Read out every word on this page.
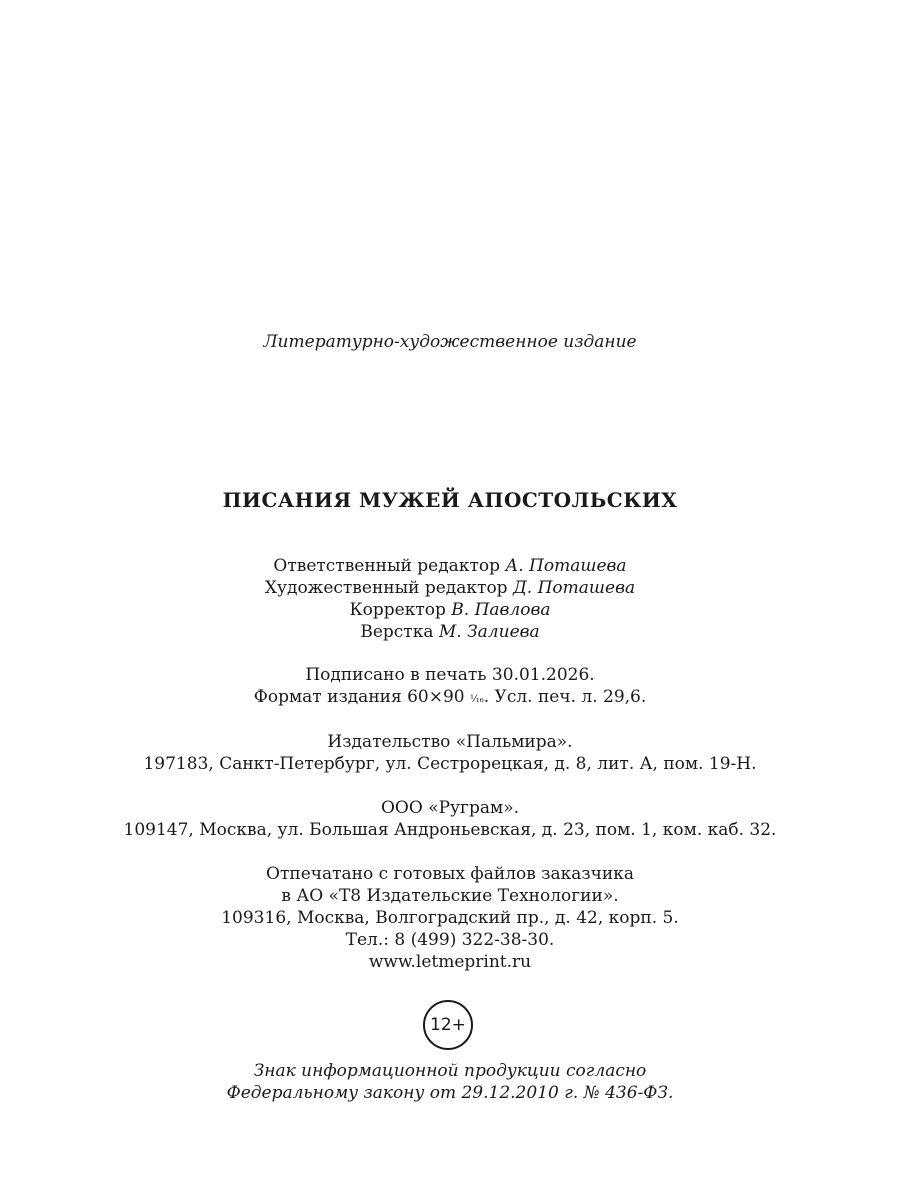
Литературно-художественное издание
ПИСАНИЯ МУЖЕЙ АПОСТОЛЬСКИХ
Ответственный редактор А. Поташева
Художественный редактор Д. Поташева
Корректор В. Павлова
Верстка М. Залиева
Подписано в печать 30.01.2026.
Формат издания 60×90 ¹⁄₁₆. Усл. печ. л. 29,6.
Издательство «Пальмира».
197183, Санкт-Петербург, ул. Сестрорецкая, д. 8, лит. А, пом. 19-Н.
ООО «Руграм».
109147, Москва, ул. Большая Андроньевская, д. 23, пом. 1, ком. каб. 32.
Отпечатано с готовых файлов заказчика
в АО «Т8 Издательские Технологии».
109316, Москва, Волгоградский пр., д. 42, корп. 5.
Тел.: 8 (499) 322-38-30.
www.letmeprint.ru
12+
Знак информационной продукции согласно
Федеральному закону от 29.12.2010 г. № 436-ФЗ.
